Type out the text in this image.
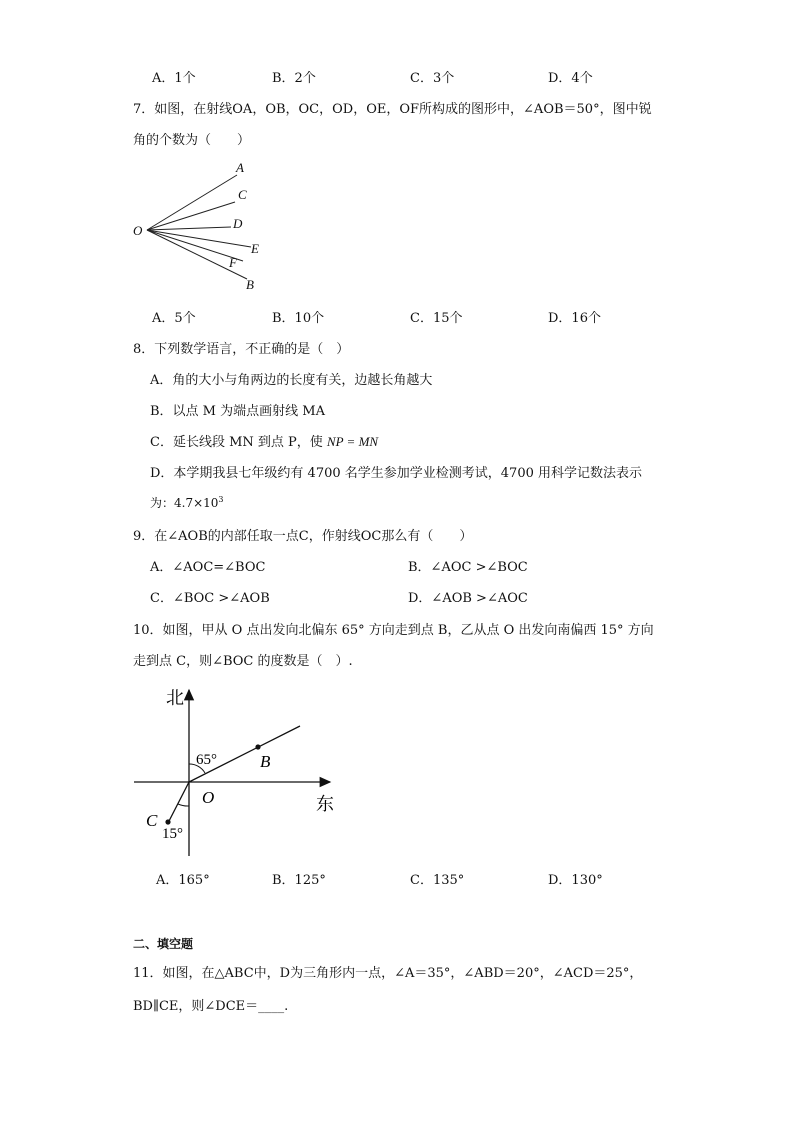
A．1个	B．2个	C．3个	D．4个
7．如图，在射线OA，OB，OC，OD，OE，OF所构成的图形中，∠AOB＝50°，图中锐
角的个数为（　　）
O
A
C
D
E
F
B
A．5个	B．10个	C．15个	D．16个
8．下列数学语言，不正确的是（　）
A．角的大小与角两边的长度有关，边越长角越大
B．以点 M 为端点画射线 MA
C．延长线段 MN 到点 P，使 NP = MN
D．本学期我县七年级约有 4700 名学生参加学业检测考试，4700 用科学记数法表示
为：$4.7\times 10^3$
9．在∠AOB的内部任取一点C，作射线OC那么有（　　）
A．∠AOC=∠BOC	B．∠AOC >∠BOC
C．∠BOC >∠AOB	D．∠AOB >∠AOC
10．如图，甲从 O 点出发向北偏东 65° 方向走到点 B，乙从点 O 出发向南偏西 15° 方向
走到点 C，则∠BOC 的度数是（　）.
北
东
O
B
C
65°
15°
A．165°	B．125°	C．135°	D．130°
二、填空题
11．如图，在△ABC中，D为三角形内一点，∠A＝35°，∠ABD＝20°，∠ACD＝25°，
BD∥CE，则∠DCE＝____.
